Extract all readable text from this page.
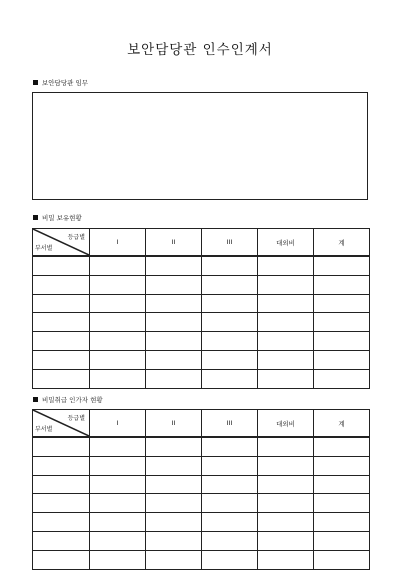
보안담당관 인수인계서
보안담당관 임무
비밀 보유현황
등급별
부서별	I	II	III	대외비	계

비밀취급 인가자 현황
등급별
부서별	I	II	III	대외비	계
